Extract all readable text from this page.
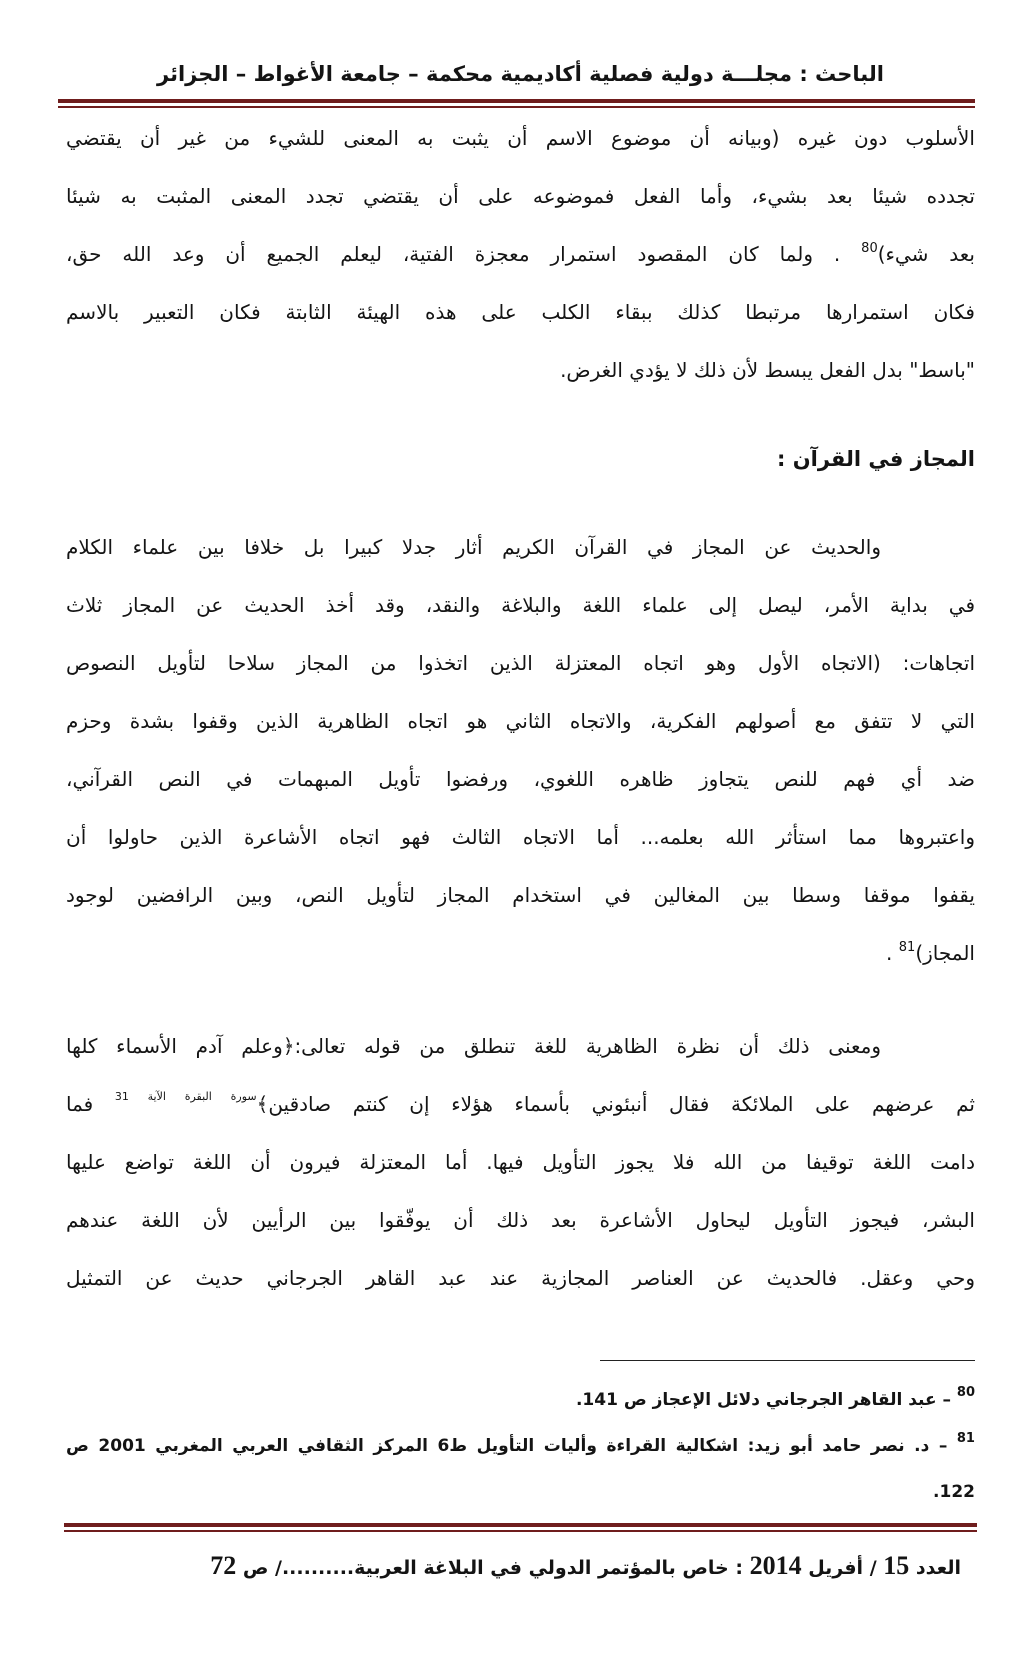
الباحث : مجلـــة دولية فصلية أكاديمية محكمة – جامعة الأغواط – الجزائر
الأسلوب دون غيره (وبيانه أن موضوع الاسم أن يثبت به المعنى للشيء من غير أن يقتضي
تجدده شيئا بعد بشيء، وأما الفعل فموضوعه على أن يقتضي تجدد المعنى المثبت به شيئا
بعد شيء)$^{80}$ . ولما كان المقصود استمرار معجزة الفتية، ليعلم الجميع أن وعد الله حق،
فكان استمرارها مرتبطا كذلك ببقاء الكلب على هذه الهيئة الثابتة فكان التعبير بالاسم
"باسط" بدل الفعل يبسط لأن ذلك لا يؤدي الغرض.
المجاز في القرآن :
والحديث عن المجاز في القرآن الكريم أثار جدلا كبيرا بل خلافا بين علماء الكلام
في بداية الأمر، ليصل إلى علماء اللغة والبلاغة والنقد، وقد أخذ الحديث عن المجاز ثلاث
اتجاهات: (الاتجاه الأول وهو اتجاه المعتزلة الذين اتخذوا من المجاز سلاحا لتأويل النصوص
التي لا تتفق مع أصولهم الفكرية، والاتجاه الثاني هو اتجاه الظاهرية الذين وقفوا بشدة وحزم
ضد أي فهم للنص يتجاوز ظاهره اللغوي، ورفضوا تأويل المبهمات في النص القرآني،
واعتبروها مما استأثر الله بعلمه... أما الاتجاه الثالث فهو اتجاه الأشاعرة الذين حاولوا أن
يقفوا موقفا وسطا بين المغالين في استخدام المجاز لتأويل النص، وبين الرافضين لوجود
المجاز)$^{81}$ .
ومعنى ذلك أن نظرة الظاهرية للغة تنطلق من قوله تعالى:﴿وعلم آدم الأسماء كلها
ثم عرضهم على الملائكة فقال أنبئوني بأسماء هؤلاء إن كنتم صادقين﴾$^{سورة البقرة الآية 31}$ فما
دامت اللغة توقيفا من الله فلا يجوز التأويل فيها. أما المعتزلة فيرون أن اللغة تواضع عليها
البشر، فيجوز التأويل ليحاول الأشاعرة بعد ذلك أن يوفّقوا بين الرأيين لأن اللغة عندهم
وحي وعقل. فالحديث عن العناصر المجازية عند عبد القاهر الجرجاني حديث عن التمثيل
$^{80}$ – عبد القاهر الجرجاني دلائل الإعجاز ص 141.
$^{81}$ – د. نصر حامد أبو زيد: اشكالية القراءة وأليات التأويل ط6 المركز الثقافي العربي المغربي 2001 ص
122.
العدد 15 / أفريل 2014 : خاص بالمؤتمر الدولي في البلاغة العربية........../ ص 72
